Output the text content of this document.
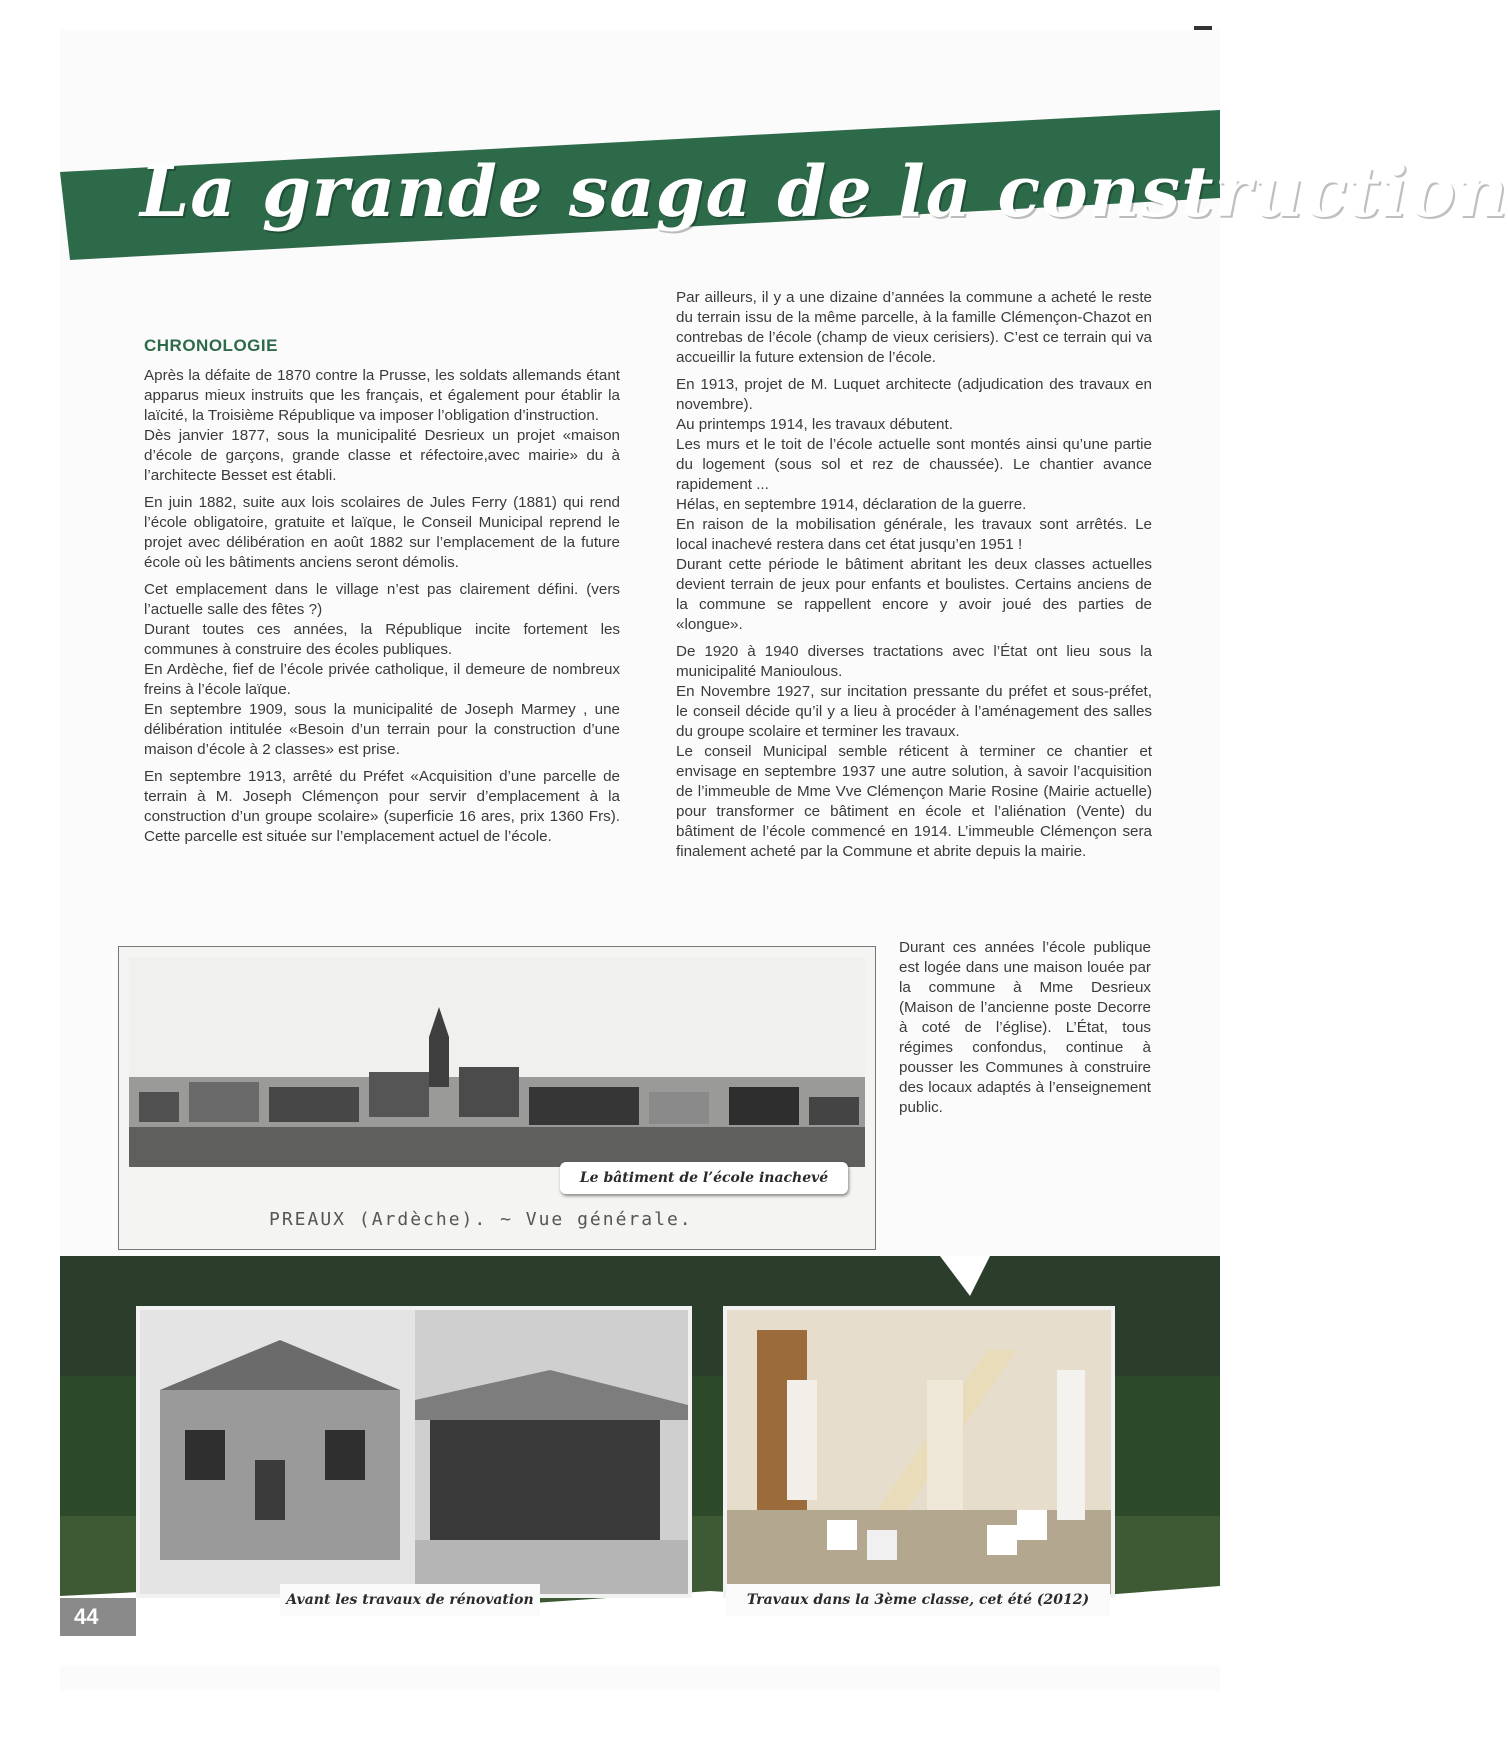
La grande saga de la construction
CHRONOLOGIE

Après la défaite de 1870 contre la Prusse, les soldats allemands étant apparus mieux instruits que les français, et également pour établir la laïcité, la Troisième République va imposer l’obligation d’instruction.

Dès janvier 1877, sous la municipalité Desrieux un projet «maison d’école de garçons, grande classe et réfectoire,avec mairie» du à l’architecte Besset est établi.

En juin 1882, suite aux lois scolaires de Jules Ferry (1881) qui rend l’école obligatoire, gratuite et laïque, le Conseil Municipal reprend le projet avec délibération en août 1882 sur l’emplacement de la future école où les bâtiments anciens seront démolis.

Cet emplacement dans le village n’est pas clairement défini. (vers l’actuelle salle des fêtes ?)

Durant toutes ces années, la République incite fortement les communes à construire des écoles publiques.

En Ardèche, fief de l’école privée catholique, il demeure de nombreux freins à l’école laïque.

En septembre 1909, sous la municipalité de Joseph Marmey , une délibération intitulée «Besoin d’un terrain pour la construction d’une maison d’école à 2 classes» est prise.

En septembre 1913, arrêté du Préfet «Acquisition d’une parcelle de terrain à M. Joseph Clémençon pour servir d’emplacement à la construction d’un groupe scolaire» (superficie 16 ares, prix 1360 Frs). Cette parcelle est située sur l’emplacement actuel de l’école.

Par ailleurs, il y a une dizaine d’années la commune a acheté le reste du terrain issu de la même parcelle, à la famille Clémençon-Chazot en contrebas de l’école (champ de vieux cerisiers). C’est ce terrain qui va accueillir la future extension de l’école.

En 1913, projet de M. Luquet architecte (adjudication des travaux en novembre).

Au printemps 1914, les travaux débutent.

Les murs et le toit de l’école actuelle sont montés ainsi qu’une partie du logement (sous sol et rez de chaussée). Le chantier avance rapidement ...

Hélas, en septembre 1914, déclaration de la guerre.

En raison de la mobilisation générale, les travaux sont arrêtés. Le local inachevé restera dans cet état jusqu’en 1951 !

Durant cette période le bâtiment abritant les deux classes actuelles devient terrain de jeux pour enfants et boulistes. Certains anciens de la commune se rappellent encore y avoir joué des parties de «longue».

De 1920 à 1940 diverses tractations avec l’État ont lieu sous la municipalité Manioulous.

En Novembre 1927, sur incitation pressante du préfet et sous-préfet, le conseil décide qu’il y a lieu à procéder à l’aménagement des salles du groupe scolaire et terminer les travaux.

Le conseil Municipal semble réticent à terminer ce chantier et envisage en septembre 1937 une autre solution, à savoir l’acquisition de l’immeuble de Mme Vve Clémençon Marie Rosine (Mairie actuelle) pour transformer ce bâtiment en école et l’aliénation (Vente) du bâtiment de l’école commencé en 1914. L’immeuble Clémençon sera finalement acheté par la Commune et abrite depuis la mairie.

Durant ces années l’école publique est logée dans une maison louée par la commune à Mme Desrieux (Maison de l’ancienne poste Decorre à coté de l’église). L’État, tous régimes confondus, continue à pousser les Communes à construire des locaux adaptés à l’enseignement public.

PREAUX (Ardèche). ~ Vue générale.
Le bâtiment de l’école inachevé
Avant les travaux de rénovation	Travaux dans la 3ème classe, cet été (2012)
44
